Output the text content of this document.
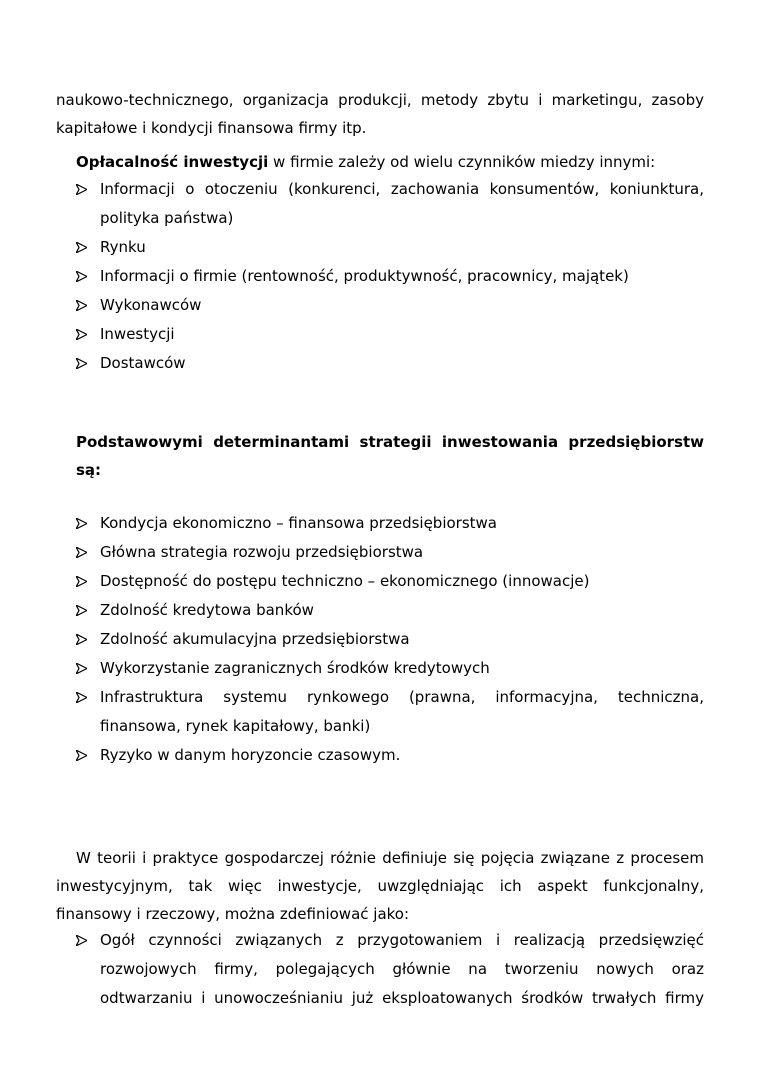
naukowo-technicznego, organizacja produkcji, metody zbytu i marketingu, zasoby
kapitałowe i kondycji finansowa firmy itp.
Opłacalność inwestycji w firmie zależy od wielu czynników miedzy innymi:
Informacji o otoczeniu (konkurenci, zachowania konsumentów, koniunktura,
polityka państwa)
Rynku
Informacji o firmie (rentowność, produktywność, pracownicy, majątek)
Wykonawców
Inwestycji
Dostawców
Podstawowymi determinantami strategii inwestowania przedsiębiorstw
są:
Kondycja ekonomiczno – finansowa przedsiębiorstwa
Główna strategia rozwoju przedsiębiorstwa
Dostępność do postępu techniczno – ekonomicznego (innowacje)
Zdolność kredytowa banków
Zdolność akumulacyjna przedsiębiorstwa
Wykorzystanie zagranicznych środków kredytowych
Infrastruktura systemu rynkowego (prawna, informacyjna, techniczna,
finansowa, rynek kapitałowy, banki)
Ryzyko w danym horyzoncie czasowym.
W teorii i praktyce gospodarczej różnie definiuje się pojęcia związane z procesem
inwestycyjnym, tak więc inwestycje, uwzględniając ich aspekt funkcjonalny,
finansowy i rzeczowy, można zdefiniować jako:
Ogół czynności związanych z przygotowaniem i realizacją przedsięwzięć
rozwojowych firmy, polegających głównie na tworzeniu nowych oraz
odtwarzaniu i unowocześnianiu już eksploatowanych środków trwałych firmy
